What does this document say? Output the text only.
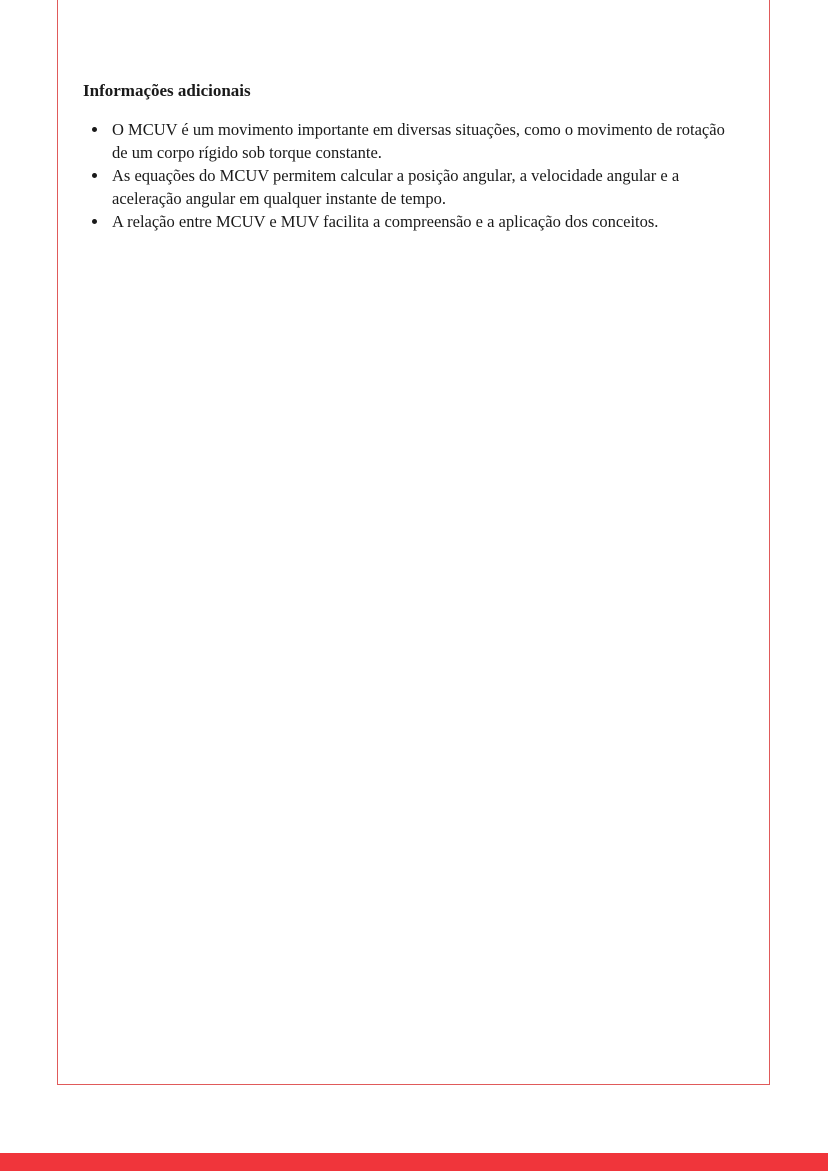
Informações adicionais
O MCUV é um movimento importante em diversas situações, como o movimento de rotação de um corpo rígido sob torque constante.
As equações do MCUV permitem calcular a posição angular, a velocidade angular e a aceleração angular em qualquer instante de tempo.
A relação entre MCUV e MUV facilita a compreensão e a aplicação dos conceitos.
